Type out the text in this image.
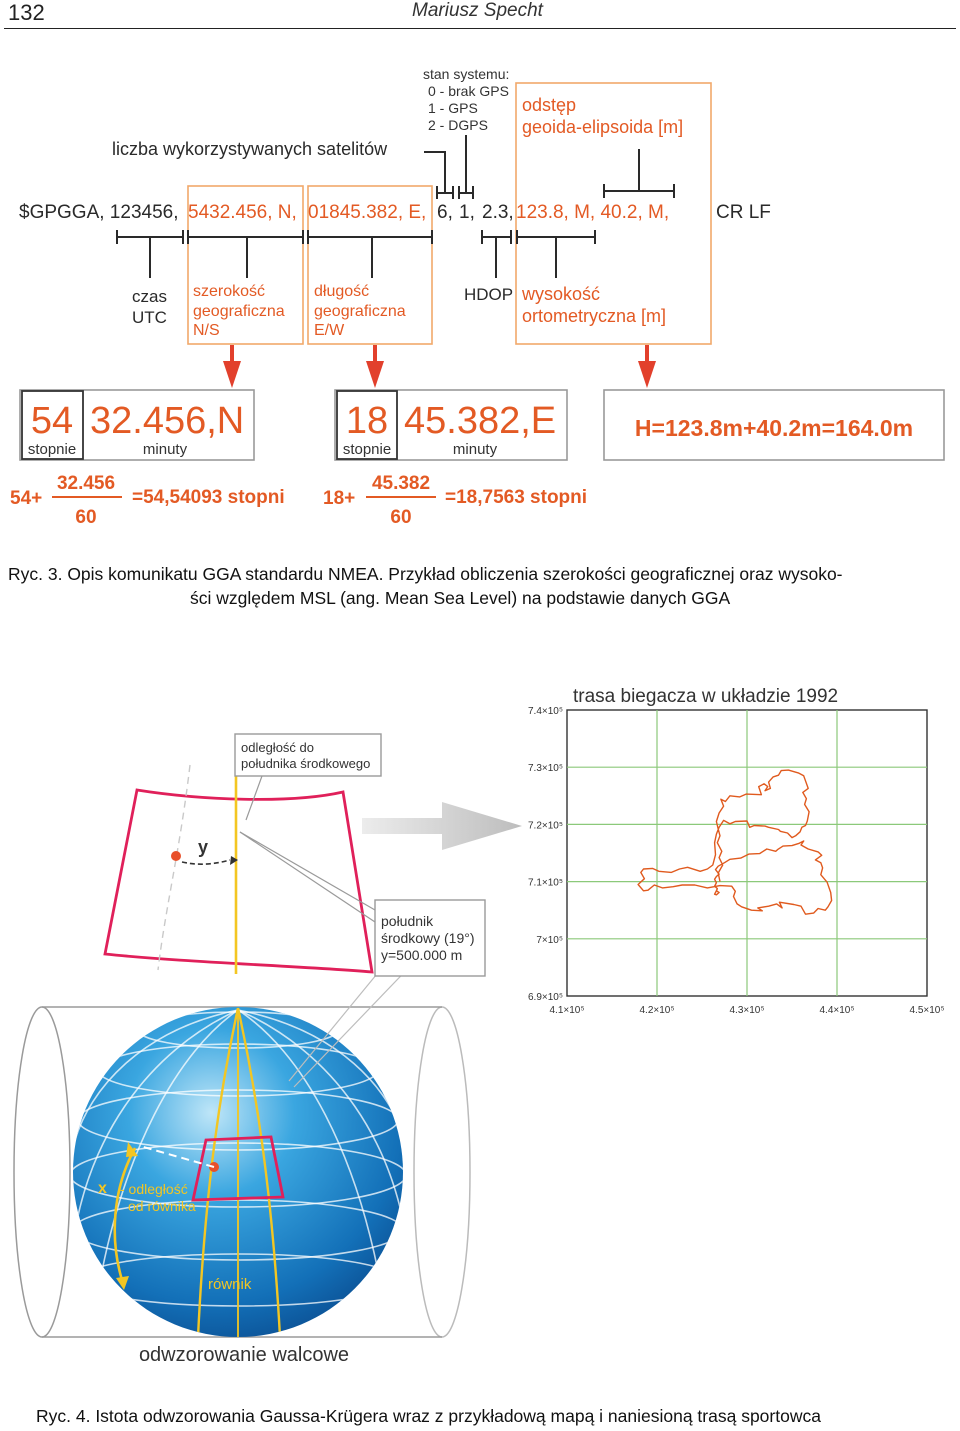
132	Mariusz Specht
$GPGGA, 123456, 5432.456, N, 01845.382, E, 6, 1, 2.3, 123.8, M, 40.2, M, CR LF
stan systemu:
0 - brak GPS
1 - GPS
2 - DGPS
odstęp
geoida-elipsoida [m]
liczba wykorzystywanych satelitów
czas
UTC
szerokość
geograficzna
N/S
długość
geograficzna
E/W
HDOP wysokość
ortometryczna [m]
54
stopnie
32.456,N
minuty
18
stopnie
45.382,E
minuty
H=123.8m+40.2m=164.0m
54+
32.456
60
=54,54093 stopni 18+
45.382
60
=18,7563 stopni
Ryc. 3. Opis komunikatu GGA standardu NMEA. Przykład obliczenia szerokości geograficznej oraz wysoko-
ści względem MSL (ang. Mean Sea Level) na podstawie danych GGA
x - odległość
od równika
równik
y
odległość do
południka środkowego
południk
środkowy (19°)
y=500.000 m
odwzorowanie walcowe
trasa biegacza w układzie 1992
4.1×10⁵	4.2×10⁵	4.3×10⁵	4.4×10⁵	4.5×10⁵
7.4×10⁵
7.3×10⁵
7.2×10⁵
7.1×10⁵
7×10⁵
6.9×10⁵
Ryc. 4. Istota odwzorowania Gaussa-Krügera wraz z przykładową mapą i naniesioną trasą sportowca
